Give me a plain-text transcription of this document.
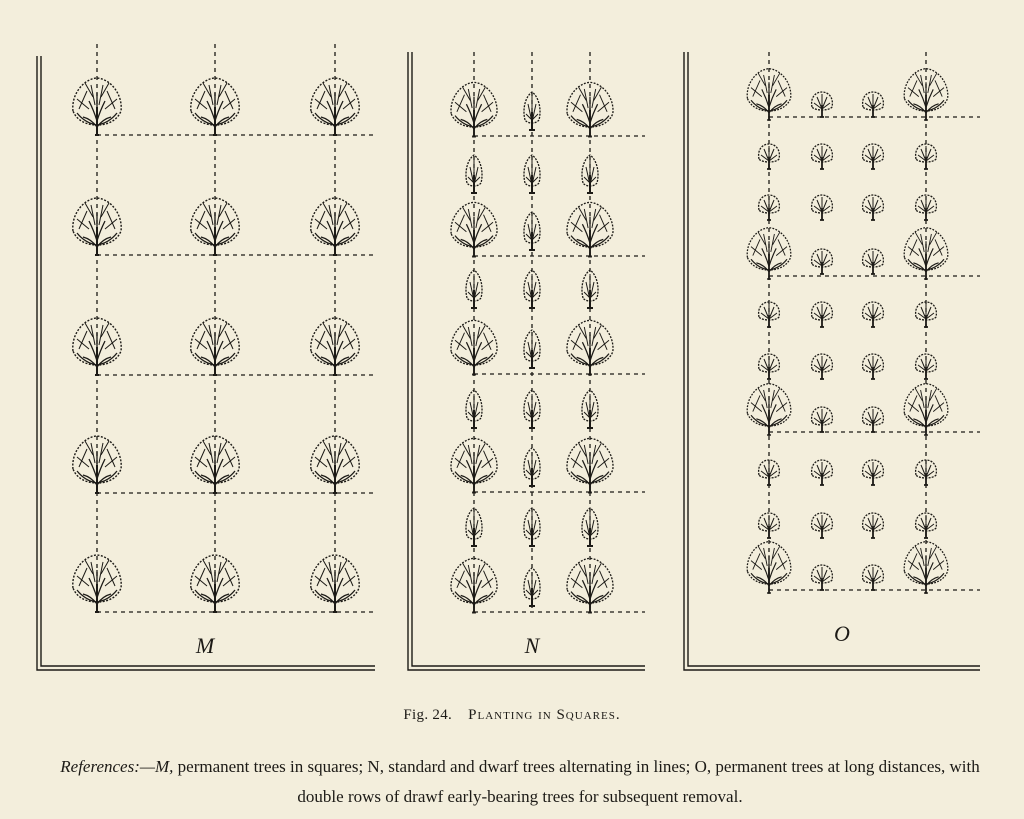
M	N	O
Fig. 24. Planting in Squares.
References:—M, permanent trees in squares; N, standard and dwarf trees alternating in lines; O, permanent trees at long distances, with double rows of drawf early-bearing trees for subsequent removal.
